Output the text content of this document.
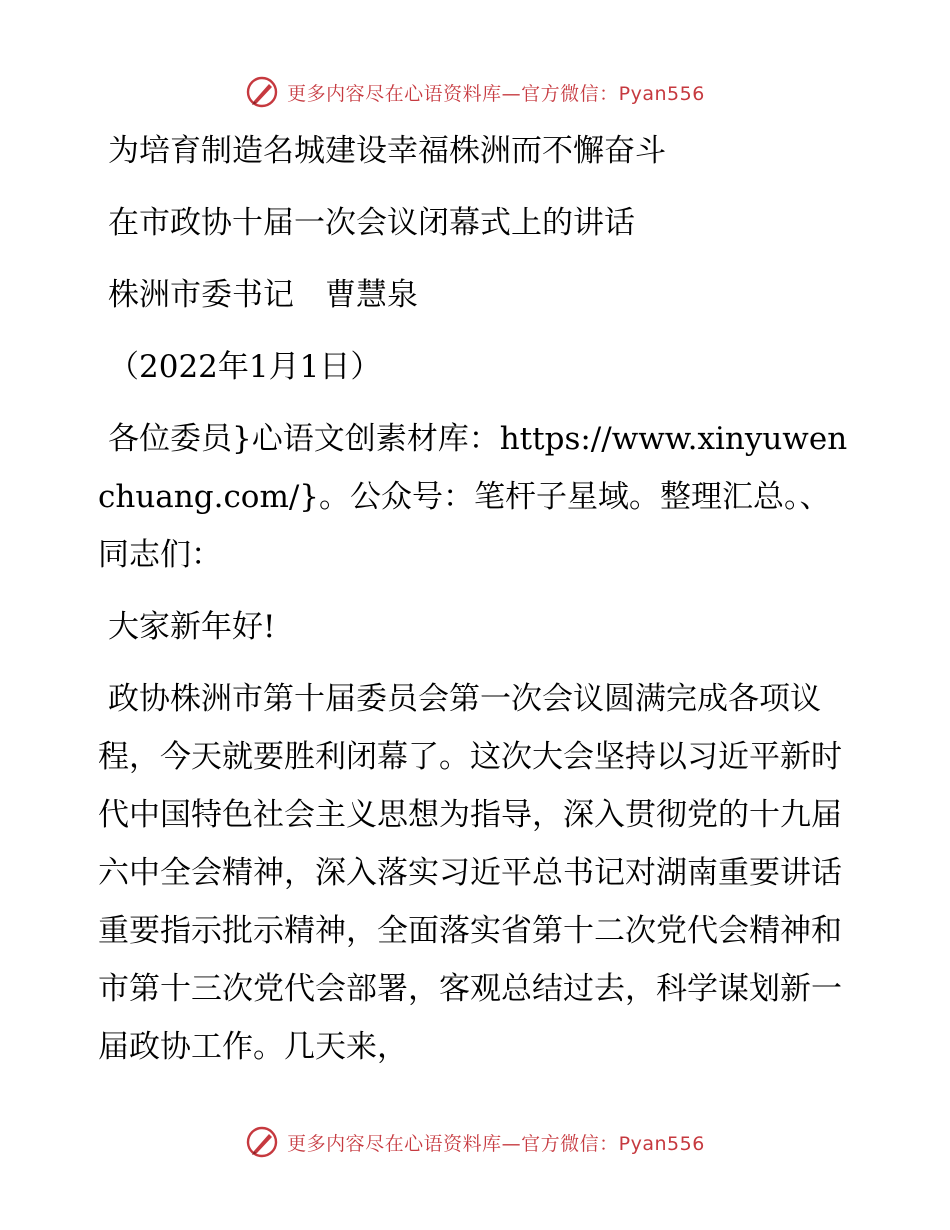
更多内容尽在心语资料库—官方微信：Pyan556

为培育制造名城建设幸福株洲而不懈奋斗

在市政协十届一次会议闭幕式上的讲话

株洲市委书记　曹慧泉

（2022年1月1日）

各位委员}心语文创素材库：https://www.xinyuwenchuang.com/}。公众号：笔杆子星域。整理汇总。、同志们：

大家新年好!

政协株洲市第十届委员会第一次会议圆满完成各项议程，今天就要胜利闭幕了。这次大会坚持以习近平新时代中国特色社会主义思想为指导，深入贯彻党的十九届六中全会精神，深入落实习近平总书记对湖南重要讲话重要指示批示精神，全面落实省第十二次党代会精神和市第十三次党代会部署，客观总结过去，科学谋划新一届政协工作。几天来，

更多内容尽在心语资料库—官方微信：Pyan556
